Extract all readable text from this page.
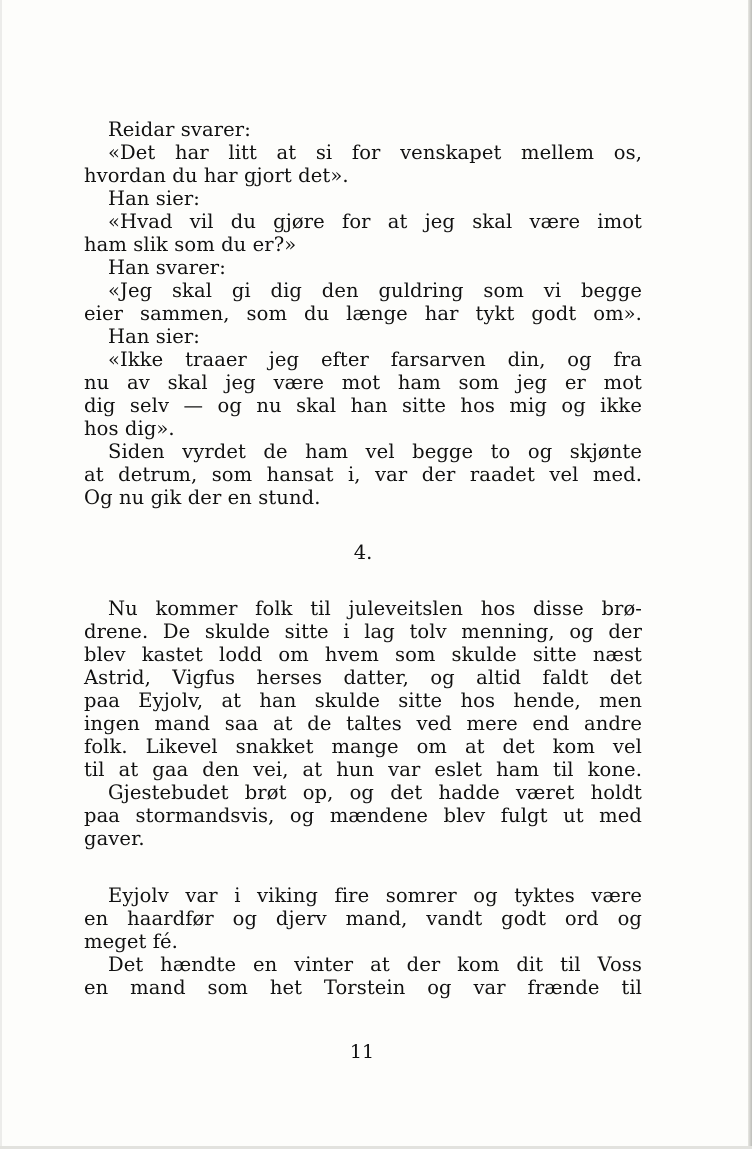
Reidar svarer:
«Det har litt at si for venskapet mellem os,
hvordan du har gjort det».
Han sier:
«Hvad vil du gjøre for at jeg skal være imot
ham slik som du er?»
Han svarer:
«Jeg skal gi dig den guldring som vi begge
eier sammen, som du længe har tykt godt om».
Han sier:
«Ikke traaer jeg efter farsarven din, og fra
nu av skal jeg være mot ham som jeg er mot
dig selv — og nu skal han sitte hos mig og ikke
hos dig».
Siden vyrdet de ham vel begge to og skjønte
at detrum, som hansat i, var der raadet vel med.
Og nu gik der en stund.
4.
Nu kommer folk til juleveitslen hos disse brø-
drene. De skulde sitte i lag tolv menning, og der
blev kastet lodd om hvem som skulde sitte næst
Astrid, Vigfus herses datter, og altid faldt det
paa Eyjolv, at han skulde sitte hos hende, men
ingen mand saa at de taltes ved mere end andre
folk. Likevel snakket mange om at det kom vel
til at gaa den vei, at hun var eslet ham til kone.
Gjestebudet brøt op, og det hadde været holdt
paa stormandsvis, og mændene blev fulgt ut med
gaver.
Eyjolv var i viking fire somrer og tyktes være
en haardfør og djerv mand, vandt godt ord og
meget fé.
Det hændte en vinter at der kom dit til Voss
en mand som het Torstein og var frænde til
11
